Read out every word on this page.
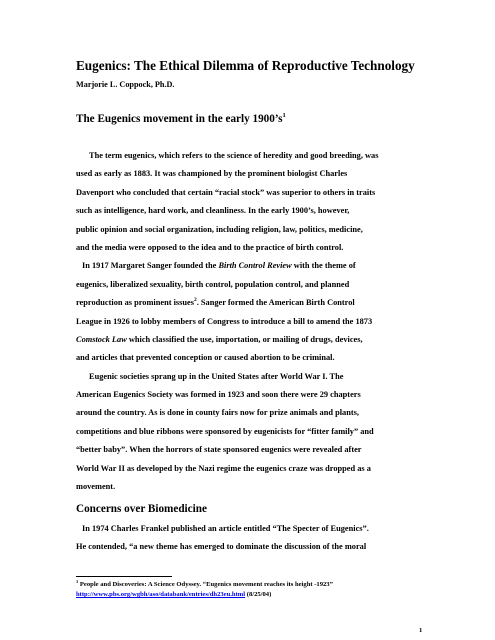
Eugenics: The Ethical Dilemma of Reproductive Technology
Marjorie L. Coppock, Ph.D.
The Eugenics movement in the early $1900’s^1$
The term eugenics, which refers to the science of heredity and good breeding, was
used as early as 1883. It was championed by the prominent biologist Charles
Davenport who concluded that certain “racial stock” was superior to others in traits
such as intelligence, hard work, and cleanliness. In the early 1900’s, however,
public opinion and social organization, including religion, law, politics, medicine,
and the media were opposed to the idea and to the practice of birth control.
In 1917 Margaret Sanger founded the Birth Control Review with the theme of
eugenics, liberalized sexuality, birth control, population control, and planned
reproduction as prominent issues$^2$. Sanger formed the American Birth Control
League in 1926 to lobby members of Congress to introduce a bill to amend the 1873
Comstock Law which classified the use, importation, or mailing of drugs, devices,
and articles that prevented conception or caused abortion to be criminal.
Eugenic societies sprang up in the United States after World War I. The
American Eugenics Society was formed in 1923 and soon there were 29 chapters
around the country. As is done in county fairs now for prize animals and plants,
competitions and blue ribbons were sponsored by eugenicists for “fitter family” and
“better baby”. When the horrors of state sponsored eugenics were revealed after
World War II as developed by the Nazi regime the eugenics craze was dropped as a
movement.
Concerns over Biomedicine
In 1974 Charles Frankel published an article entitled “The Specter of Eugenics”.
He contended, “a new theme has emerged to dominate the discussion of the moral
$^1$ People and Discoveries: A Science Odyssey. “Eugenics movement reaches its height -1923”
http://www.pbs.org/wgbh/aso/databank/entries/dh23eu.html (8/25/04)
1
